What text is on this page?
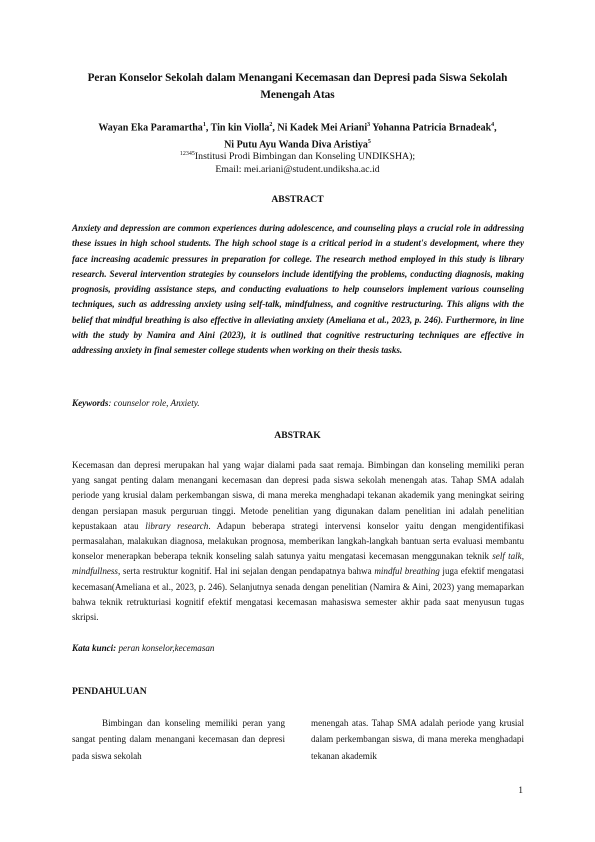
Peran Konselor Sekolah dalam Menangani Kecemasan dan Depresi pada Siswa Sekolah Menengah Atas
Wayan Eka Paramartha$^1$, Tin kin Violla$^2$, Ni Kadek Mei Ariani$^3$ Yohanna Patricia Brnadeak$^4$,
Ni Putu Ayu Wanda Diva Aristiya$^5$
$^{12345}$Institusi Prodi Bimbingan dan Konseling UNDIKSHA);
Email: mei.ariani@student.undiksha.ac.id
ABSTRACT
Anxiety and depression are common experiences during adolescence, and counseling plays a crucial role in addressing these issues in high school students. The high school stage is a critical period in a student's development, where they face increasing academic pressures in preparation for college. The research method employed in this study is library research. Several intervention strategies by counselors include identifying the problems, conducting diagnosis, making prognosis, providing assistance steps, and conducting evaluations to help counselors implement various counseling techniques, such as addressing anxiety using self-talk, mindfulness, and cognitive restructuring. This aligns with the belief that mindful breathing is also effective in alleviating anxiety (Ameliana et al., 2023, p. 246). Furthermore, in line with the study by Namira and Aini (2023), it is outlined that cognitive restructuring techniques are effective in addressing anxiety in final semester college students when working on their thesis tasks.
Keywords: counselor role, Anxiety.
ABSTRAK
Kecemasan dan depresi merupakan hal yang wajar dialami pada saat remaja. Bimbingan dan konseling memiliki peran yang sangat penting dalam menangani kecemasan dan depresi pada siswa sekolah menengah atas. Tahap SMA adalah periode yang krusial dalam perkembangan siswa, di mana mereka menghadapi tekanan akademik yang meningkat seiring dengan persiapan masuk perguruan tinggi. Metode penelitian yang digunakan dalam penelitian ini adalah penelitian kepustakaan atau library research. Adapun beberapa strategi intervensi konselor yaitu dengan mengidentifikasi permasalahan, malakukan diagnosa, melakukan prognosa, memberikan langkah-langkah bantuan serta evaluasi membantu konselor menerapkan beberapa teknik konseling salah satunya yaitu mengatasi kecemasan menggunakan teknik self talk, mindfullness, serta restruktur kognitif. Hal ini sejalan dengan pendapatnya bahwa mindful breathing juga efektif mengatasi kecemasan(Ameliana et al., 2023, p. 246). Selanjutnya senada dengan penelitian (Namira & Aini, 2023) yang memaparkan bahwa teknik retrukturiasi kognitif efektif mengatasi kecemasan mahasiswa semester akhir pada saat menyusun tugas skripsi.
Kata kunci: peran konselor,kecemasan
PENDAHULUAN
Bimbingan dan konseling memiliki peran yang sangat penting dalam menangani kecemasan dan depresi pada siswa sekolah
menengah atas. Tahap SMA adalah periode yang krusial dalam perkembangan siswa, di mana mereka menghadapi tekanan akademik
1
